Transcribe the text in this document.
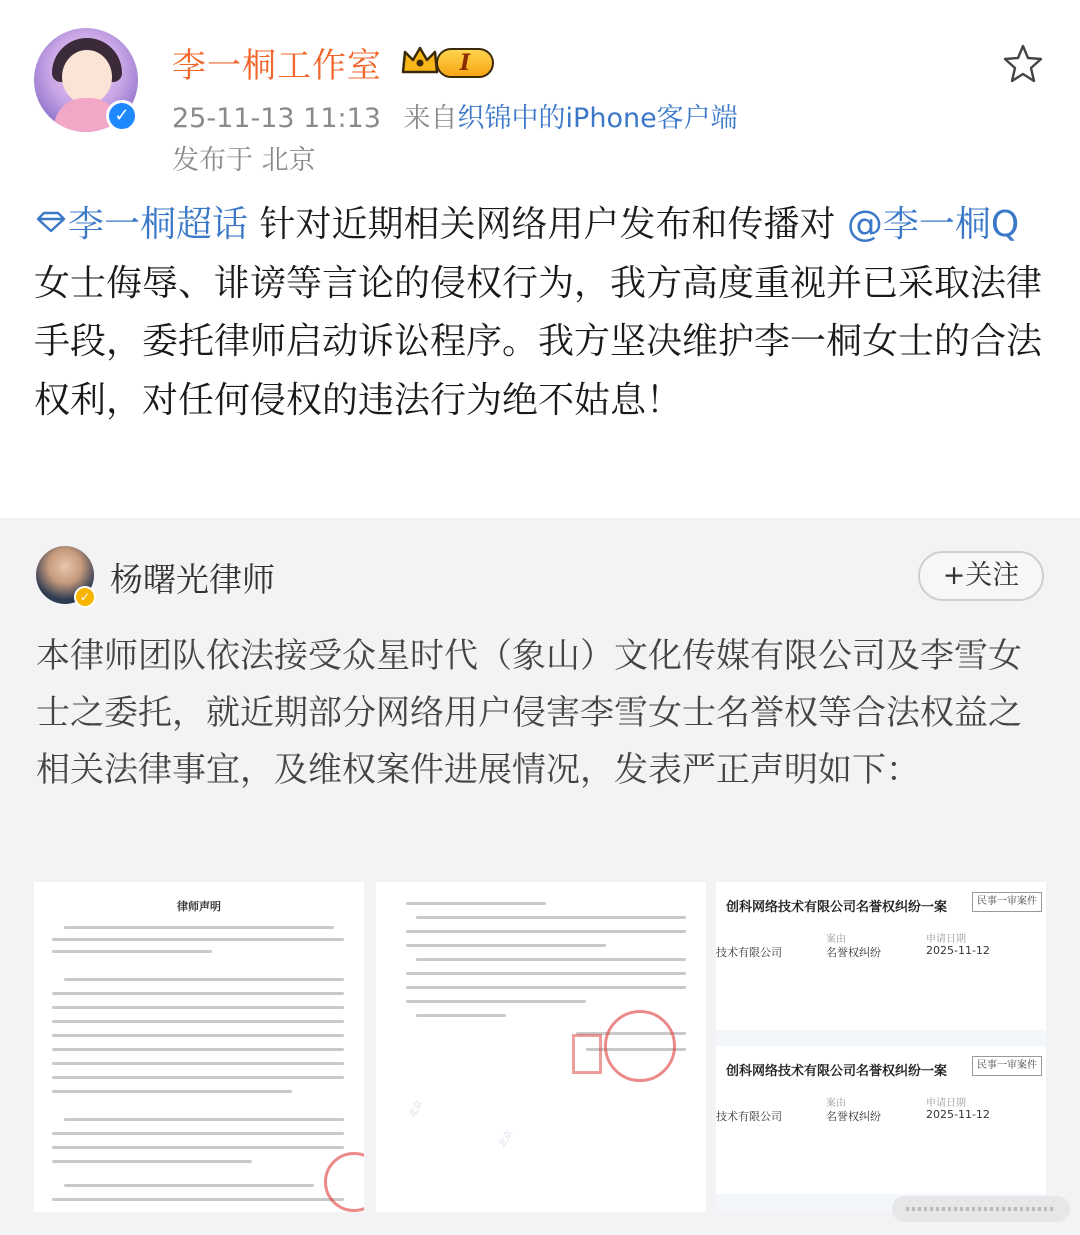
✓
李一桐工作室	I
25-11-13 11:13 来自织锦中的iPhone客户端
发布于 北京
李一桐超话 针对近期相关网络用户发布和传播对 @李一桐Q 女士侮辱、诽谤等言论的侵权行为，我方高度重视并已采取法律手段，委托律师启动诉讼程序。我方坚决维护李一桐女士的合法权利，对任何侵权的违法行为绝不姑息！
✓ 杨曙光律师	+关注
本律师团队依法接受众星时代（象山）文化传媒有限公司及李雪女士之委托，就近期部分网络用户侵害李雪女士名誉权等合法权益之相关法律事宜，及维权案件进展情况，发表严正声明如下：
律师声明
北京
北京
创科网络技术有限公司名誉权纠纷一案	民事一审案件
技术有限公司
案由
名誉权纠纷
申请日期
2025-11-12
创科网络技术有限公司名誉权纠纷一案	民事一审案件
技术有限公司
案由
名誉权纠纷
申请日期
2025-11-12
